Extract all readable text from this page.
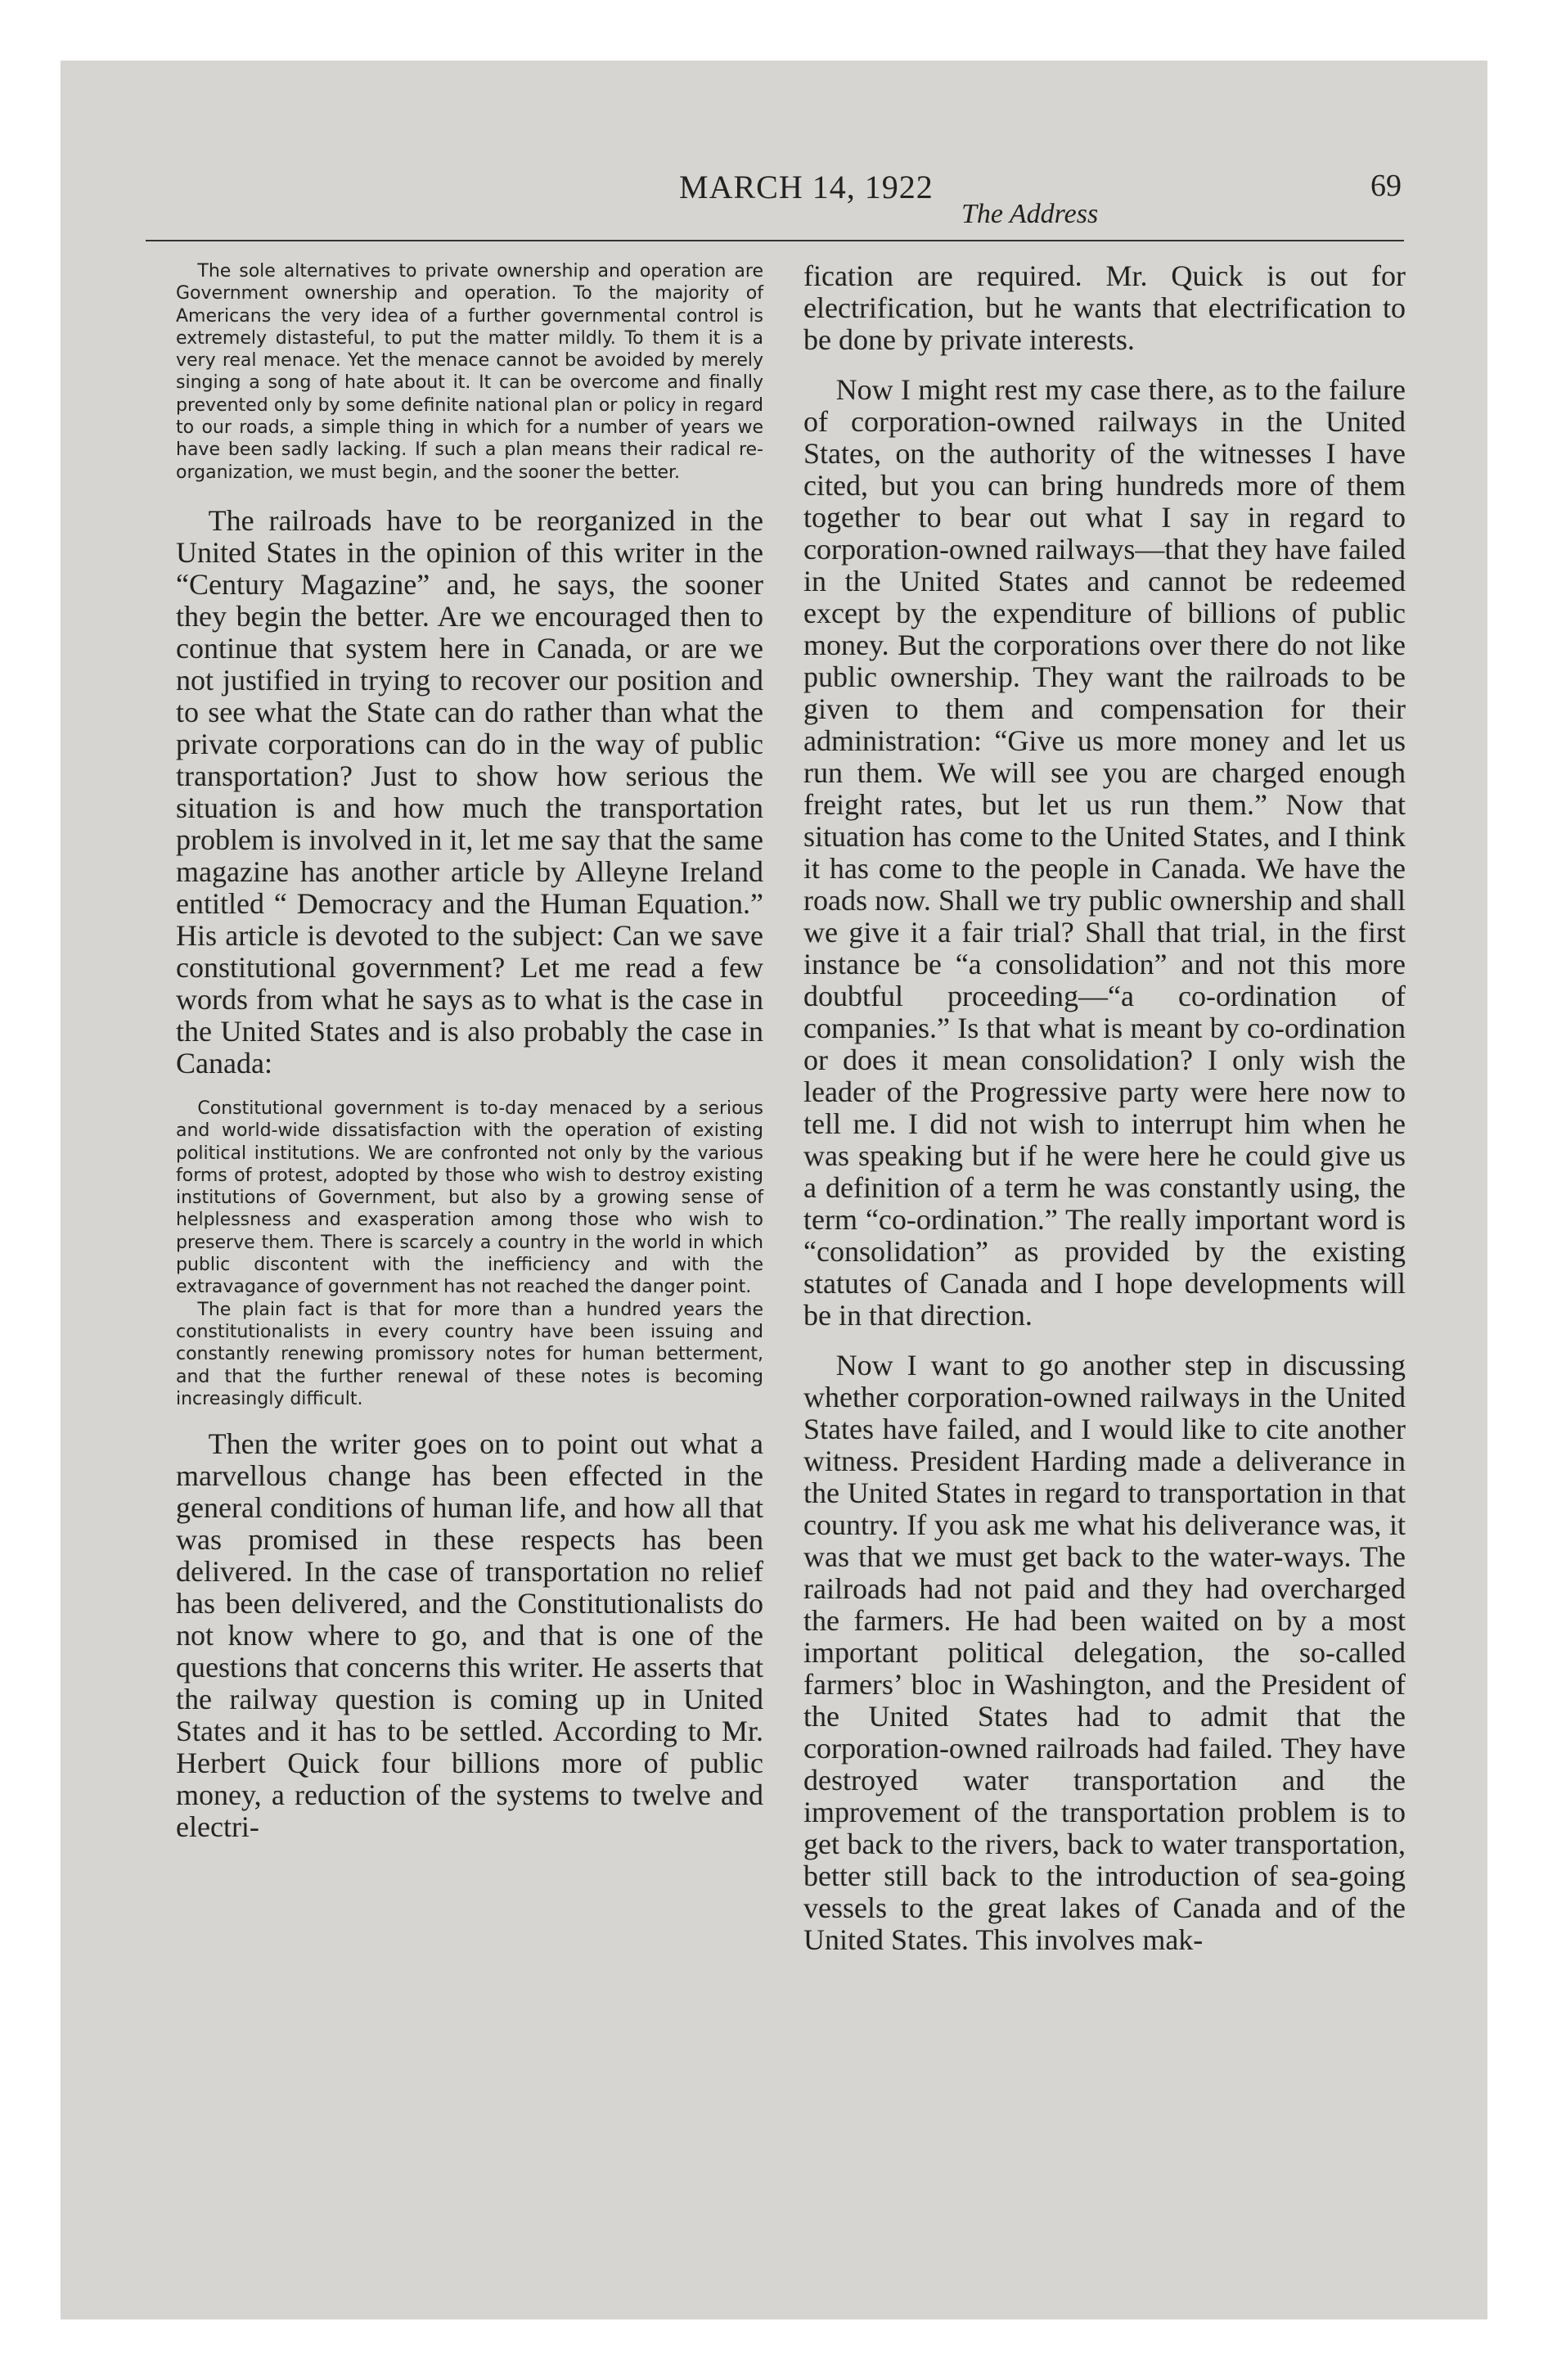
MARCH 14, 1922
The Address
69

The sole alternatives to private ownership and operation are Government ownership and operation. To the majority of Americans the very idea of a further governmental control is extremely distasteful, to put the matter mildly. To them it is a very real menace. Yet the menace cannot be avoided by merely singing a song of hate about it. It can be overcome and finally prevented only by some definite national plan or policy in regard to our roads, a simple thing in which for a number of years we have been sadly lacking. If such a plan means their radical re-organization, we must begin, and the sooner the better.

The railroads have to be reorganized in the United States in the opinion of this writer in the “Century Magazine” and, he says, the sooner they begin the better. Are we encouraged then to continue that system here in Canada, or are we not justified in trying to recover our position and to see what the State can do rather than what the private corporations can do in the way of public transportation? Just to show how serious the situation is and how much the transportation problem is involved in it, let me say that the same magazine has another article by Alleyne Ireland entitled “ Democracy and the Human Equation.” His article is devoted to the subject: Can we save constitutional government? Let me read a few words from what he says as to what is the case in the United States and is also probably the case in Canada:

Constitutional government is to-day menaced by a serious and world-wide dissatisfaction with the operation of existing political institutions. We are confronted not only by the various forms of protest, adopted by those who wish to destroy existing institutions of Government, but also by a growing sense of helplessness and exasperation among those who wish to preserve them. There is scarcely a country in the world in which public discontent with the inefficiency and with the extravagance of government has not reached the danger point.

The plain fact is that for more than a hundred years the constitutionalists in every country have been issuing and constantly renewing promissory notes for human betterment, and that the further renewal of these notes is becoming increasingly difficult.

Then the writer goes on to point out what a marvellous change has been effected in the general conditions of human life, and how all that was promised in these respects has been delivered. In the case of transportation no relief has been delivered, and the Constitutionalists do not know where to go, and that is one of the questions that concerns this writer. He asserts that the railway question is coming up in United States and it has to be settled. According to Mr. Herbert Quick four billions more of public money, a reduction of the systems to twelve and electri-

fication are required. Mr. Quick is out for electrification, but he wants that electrification to be done by private interests.

Now I might rest my case there, as to the failure of corporation-owned railways in the United States, on the authority of the witnesses I have cited, but you can bring hundreds more of them together to bear out what I say in regard to corporation-owned railways—that they have failed in the United States and cannot be redeemed except by the expenditure of billions of public money. But the corporations over there do not like public ownership. They want the railroads to be given to them and compensation for their administration: “Give us more money and let us run them. We will see you are charged enough freight rates, but let us run them.” Now that situation has come to the United States, and I think it has come to the people in Canada. We have the roads now. Shall we try public ownership and shall we give it a fair trial? Shall that trial, in the first instance be “a consolidation” and not this more doubtful proceeding—“a co-ordination of companies.” Is that what is meant by co-ordination or does it mean consolidation? I only wish the leader of the Progressive party were here now to tell me. I did not wish to interrupt him when he was speaking but if he were here he could give us a definition of a term he was constantly using, the term “co-ordination.” The really important word is “consolidation” as provided by the existing statutes of Canada and I hope developments will be in that direction.

Now I want to go another step in discussing whether corporation-owned railways in the United States have failed, and I would like to cite another witness. President Harding made a deliverance in the United States in regard to transportation in that country. If you ask me what his deliverance was, it was that we must get back to the water-ways. The railroads had not paid and they had overcharged the farmers. He had been waited on by a most important political delegation, the so-called farmers’ bloc in Washington, and the President of the United States had to admit that the corporation-owned railroads had failed. They have destroyed water transportation and the improvement of the transportation problem is to get back to the rivers, back to water transportation, better still back to the introduction of sea-going vessels to the great lakes of Canada and of the United States. This involves mak-
